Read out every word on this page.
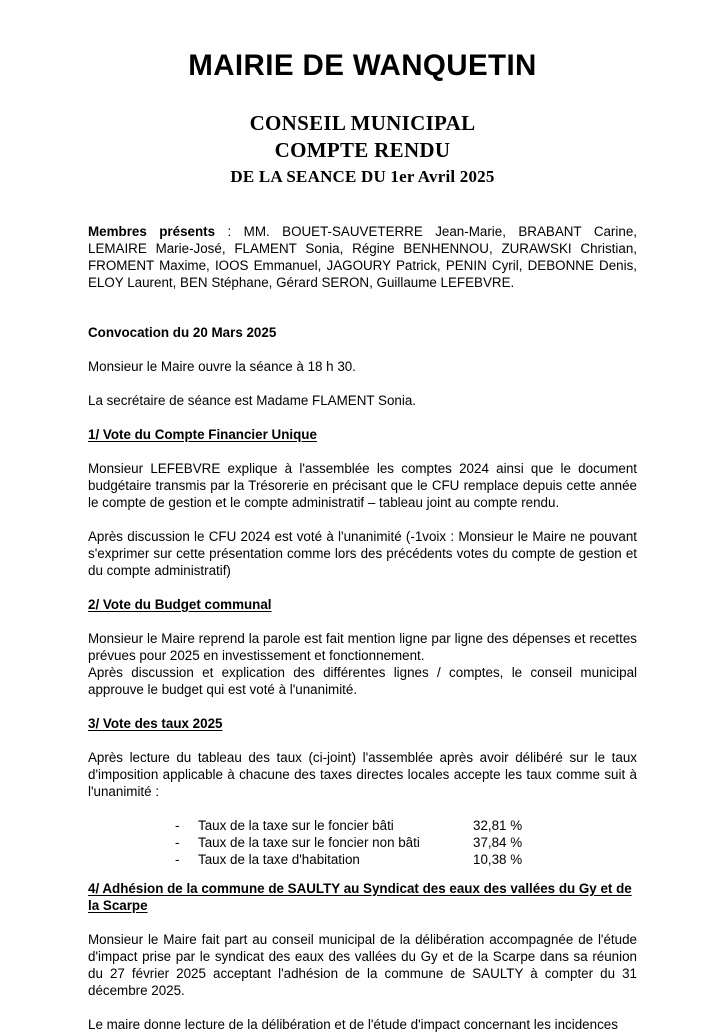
MAIRIE DE WANQUETIN
CONSEIL MUNICIPAL
COMPTE RENDU
DE LA SEANCE DU 1er Avril 2025

Membres présents : MM. BOUET-SAUVETERRE Jean-Marie, BRABANT Carine, LEMAIRE Marie-José, FLAMENT Sonia, Régine BENHENNOU, ZURAWSKI Christian, FROMENT Maxime, IOOS Emmanuel, JAGOURY Patrick, PENIN Cyril, DEBONNE Denis, ELOY Laurent, BEN Stéphane, Gérard SERON, Guillaume LEFEBVRE.

Convocation du 20 Mars 2025

Monsieur le Maire ouvre la séance à 18 h 30.

La secrétaire de séance est Madame FLAMENT Sonia.

1/ Vote du Compte Financier Unique

Monsieur LEFEBVRE explique à l'assemblée les comptes 2024 ainsi que le document budgétaire transmis par la Trésorerie en précisant que le CFU remplace depuis cette année le compte de gestion et le compte administratif – tableau joint au compte rendu.

Après discussion le CFU 2024 est voté à l'unanimité (-1voix : Monsieur le Maire ne pouvant s'exprimer sur cette présentation comme lors des précédents votes du compte de gestion et du compte administratif)

2/ Vote du Budget communal

Monsieur le Maire reprend la parole est fait mention ligne par ligne des dépenses et recettes prévues pour 2025 en investissement et fonctionnement.

Après discussion et explication des différentes lignes / comptes, le conseil municipal approuve le budget qui est voté à l'unanimité.

3/ Vote des taux 2025

Après lecture du tableau des taux (ci-joint) l'assemblée après avoir délibéré sur le taux d'imposition applicable à chacune des taxes directes locales accepte les taux comme suit à l'unanimité :

-	Taux de la taxe sur le foncier bâti	32,81 %
-	Taux de la taxe sur le foncier non bâti	37,84 %
-	Taux de la taxe d'habitation	10,38 %

4/ Adhésion de la commune de SAULTY au Syndicat des eaux des vallées du Gy et de la Scarpe

Monsieur le Maire fait part au conseil municipal de la délibération accompagnée de l'étude d'impact prise par le syndicat des eaux des vallées du Gy et de la Scarpe dans sa réunion du 27 février 2025 acceptant l'adhésion de la commune de SAULTY à compter du 31 décembre 2025.

Le maire donne lecture de la délibération et de l'étude d'impact concernant les incidences
